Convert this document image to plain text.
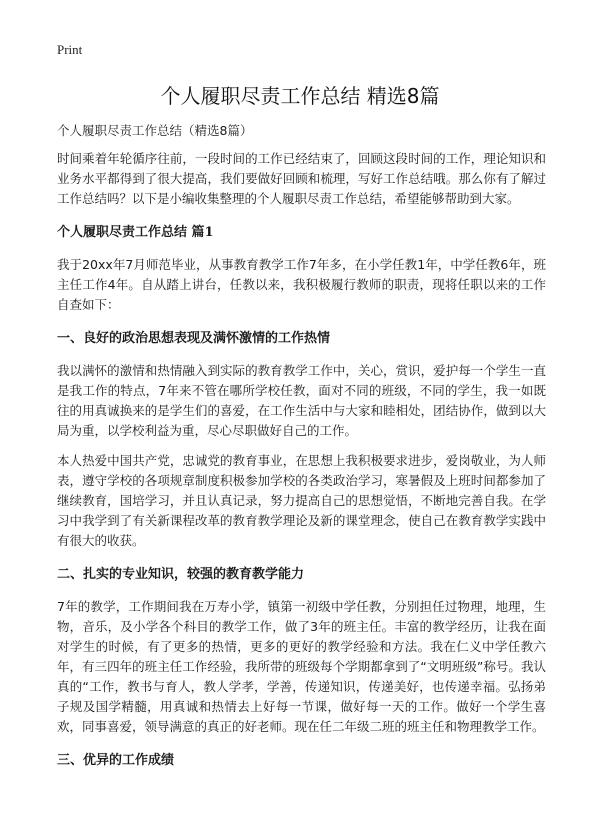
Print
个人履职尽责工作总结 精选8篇
个人履职尽责工作总结（精选8篇）

时间乘着年轮循序往前，一段时间的工作已经结束了，回顾这段时间的工作，理论知识和业务水平都得到了很大提高，我们要做好回顾和梳理，写好工作总结哦。那么你有了解过工作总结吗？以下是小编收集整理的个人履职尽责工作总结，希望能够帮助到大家。

个人履职尽责工作总结 篇1

我于20xx年7月师范毕业，从事教育教学工作7年多，在小学任教1年，中学任教6年，班主任工作4年。自从踏上讲台，任教以来，我积极履行教师的职责，现将任职以来的工作自查如下：

一、良好的政治思想表现及满怀激情的工作热情

我以满怀的激情和热情融入到实际的教育教学工作中，关心，赏识，爱护每一个学生一直是我工作的特点，7年来不管在哪所学校任教，面对不同的班级，不同的学生，我一如既往的用真诚换来的是学生们的喜爱，在工作生活中与大家和睦相处，团结协作，做到以大局为重，以学校利益为重，尽心尽职做好自己的工作。

本人热爱中国共产党，忠诚党的教育事业，在思想上我积极要求进步，爱岗敬业，为人师表，遵守学校的各项规章制度积极参加学校的各类政治学习，寒暑假及上班时间都参加了继续教育，国培学习，并且认真记录，努力提高自己的思想觉悟，不断地完善自我。在学习中我学到了有关新课程改革的教育教学理论及新的课堂理念，使自己在教育教学实践中有很大的收获。

二、扎实的专业知识，较强的教育教学能力

7年的教学，工作期间我在万寿小学，镇第一初级中学任教，分别担任过物理，地理，生物，音乐，及小学各个科目的教学工作，做了3年的班主任。丰富的教学经历，让我在面对学生的时候，有了更多的热情，更多的更好的教学经验和方法。我在仁义中学任教六年，有三四年的班主任工作经验，我所带的班级每个学期都拿到了“文明班级”称号。我认真的“工作，教书与育人，教人学孝，学善，传递知识，传递美好，也传递幸福。弘扬弟子规及国学精髓，用真诚和热情去上好每一节课，做好每一天的工作。做好一个学生喜欢，同事喜爱，领导满意的真正的好老师。现在任二年级二班的班主任和物理教学工作。

三、优异的工作成绩
